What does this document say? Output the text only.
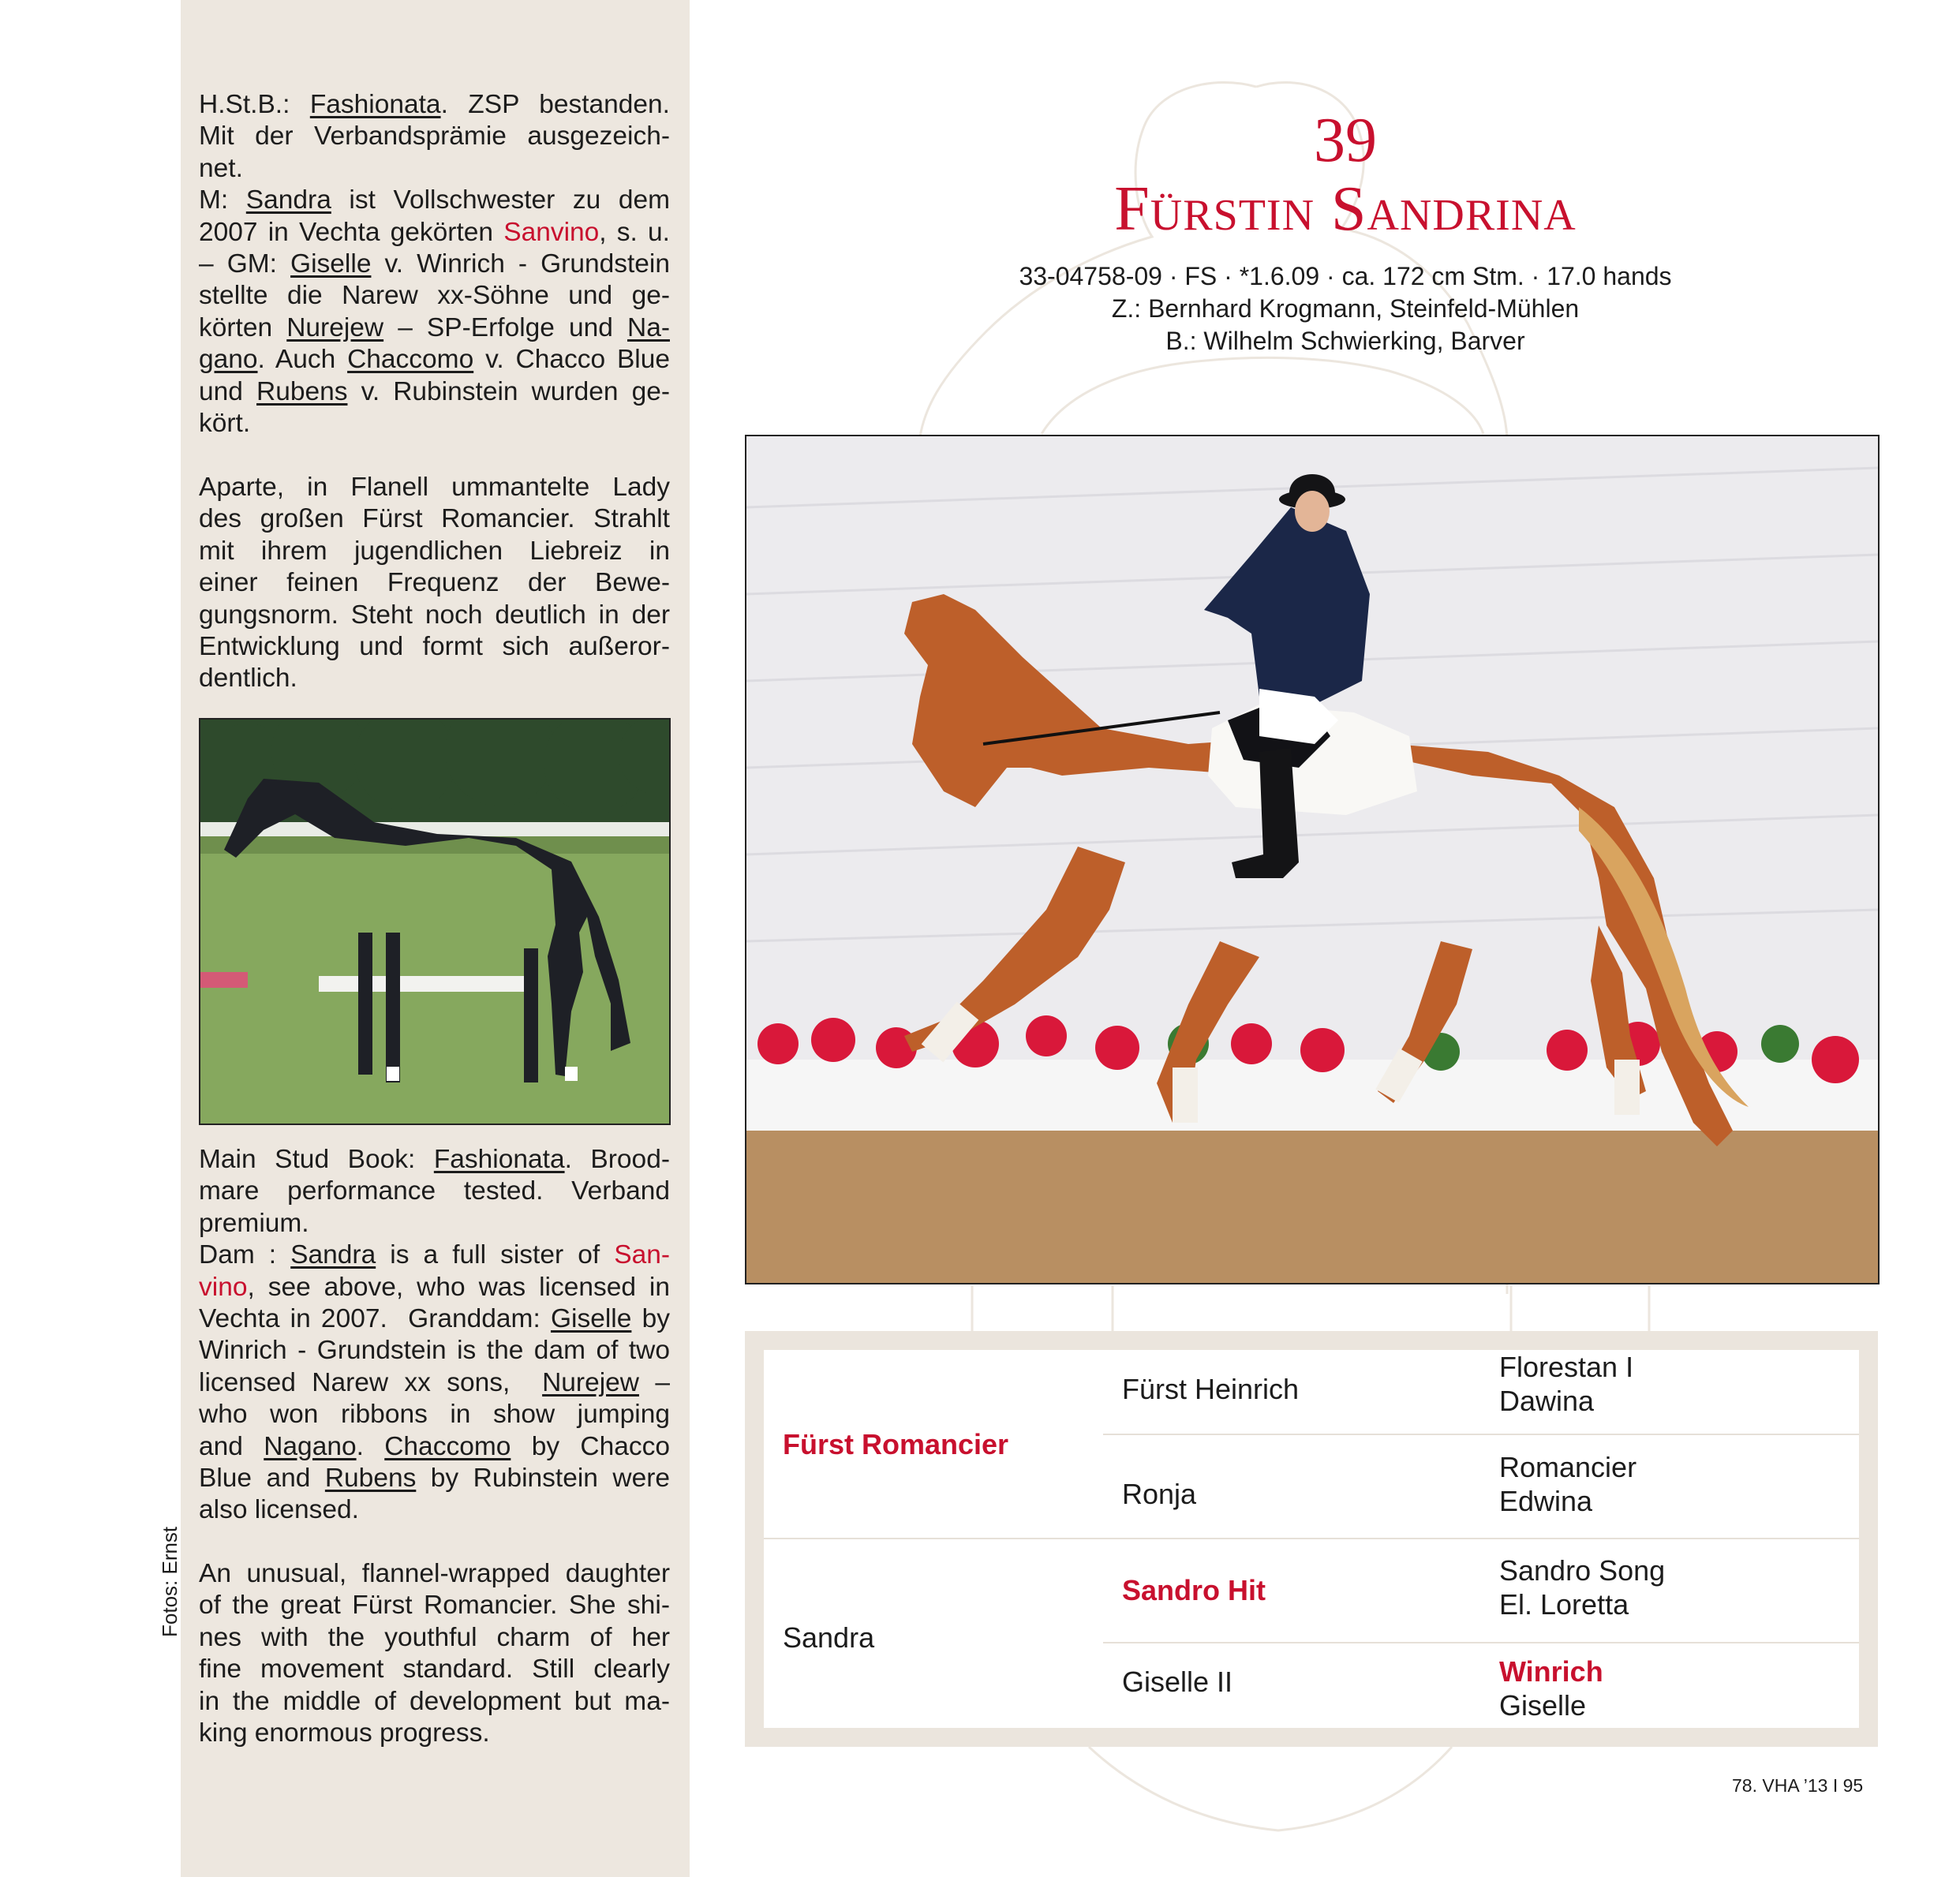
H.St.B.: Fashionata. ZSP bestanden.
Mit der Verbandsprämie ausgezeich-
net.
M: Sandra ist Vollschwester zu dem
2007 in Vechta gekörten Sanvino, s. u.
– GM: Giselle v. Winrich - Grundstein
stellte die Narew xx-Söhne und ge-
körten Nurejew – SP-Erfolge und Na-
gano. Auch Chaccomo v. Chacco Blue
und Rubens v. Rubinstein wurden ge-
kört.
Aparte, in Flanell ummantelte Lady
des großen Fürst Romancier. Strahlt
mit ihrem jugendlichen Liebreiz in
einer feinen Frequenz der Bewe-
gungsnorm. Steht noch deutlich in der
Entwicklung und formt sich außeror-
dentlich.
Main Stud Book: Fashionata. Brood-
mare performance tested. Verband
premium.
Dam : Sandra is a full sister of San-
vino, see above, who was licensed in
Vechta in 2007.  Granddam: Giselle by
Winrich - Grundstein is the dam of two
licensed Narew xx sons,  Nurejew –
who won ribbons in show jumping
and Nagano. Chaccomo by Chacco
Blue and Rubens by Rubinstein were
also licensed.
An unusual, flannel-wrapped daughter
of the great Fürst Romancier. She shi-
nes with the youthful charm of her
fine movement standard. Still clearly
in the middle of development but ma-
king enormous progress.
Fotos: Ernst
39
Fürstin Sandrina
33-04758-09 · FS · *1.6.09 · ca. 172 cm Stm. · 17.0 hands
Z.: Bernhard Krogmann, Steinfeld-Mühlen
B.: Wilhelm Schwierking, Barver
Fürst Romancier
Sandra
Fürst Heinrich
Ronja
Sandro Hit
Giselle II
Florestan I
Dawina
Romancier
Edwina
Sandro Song
El. Loretta
Winrich
Giselle
78. VHA ’13 I 95
